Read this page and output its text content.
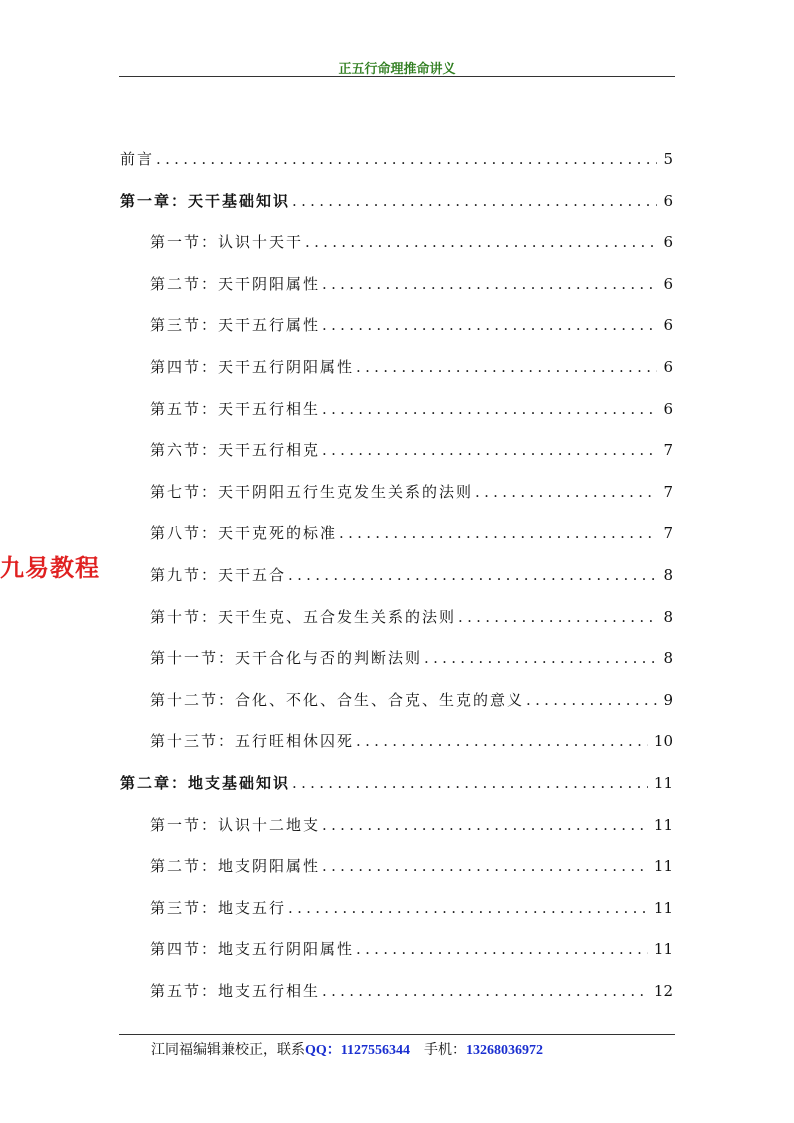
正五行命理推命讲义
前言 .....	5
第一章：天干基础知识 .....	6
第一节：认识十天干 .....	6
第二节：天干阴阳属性 .....	6
第三节：天干五行属性 .....	6
第四节：天干五行阴阳属性 .....	6
第五节：天干五行相生 .....	6
第六节：天干五行相克 .....	7
第七节：天干阴阳五行生克发生关系的法则 .....	7
第八节：天干克死的标准 .....	7
第九节：天干五合 .....	8
第十节：天干生克、五合发生关系的法则 .....	8
第十一节：天干合化与否的判断法则 .....	8
第十二节：合化、不化、合生、合克、生克的意义 .....	9
第十三节：五行旺相休囚死 .....	10
第二章：地支基础知识 .....	11
第一节：认识十二地支 .....	11
第二节：地支阴阳属性 .....	11
第三节：地支五行 .....	11
第四节：地支五行阴阳属性 .....	11
第五节：地支五行相生 .....	12
九易教程
江同福编辑兼校正，联系QQ：1127556344 手机：13268036972
